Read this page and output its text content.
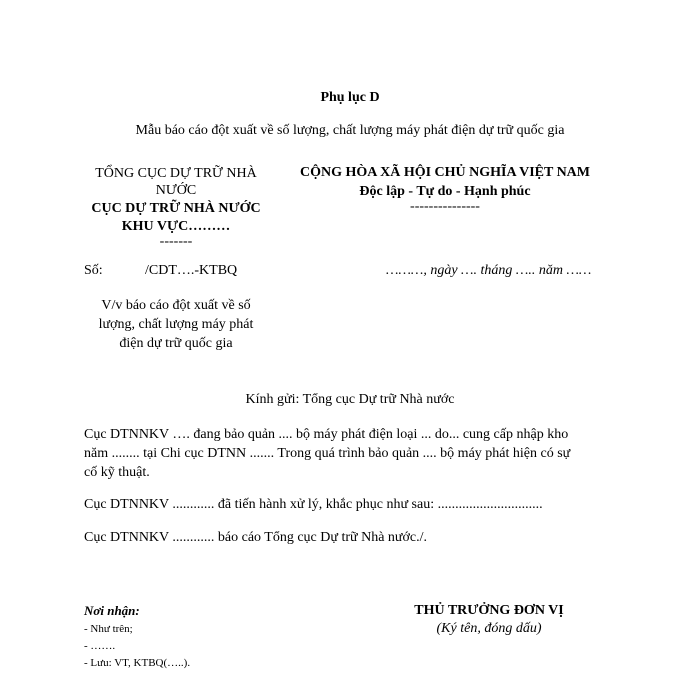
Phụ lục D
Mẫu báo cáo đột xuất về số lượng, chất lượng máy phát điện dự trữ quốc gia
TỔNG CỤC DỰ TRỮ NHÀ
NƯỚC
CỤC DỰ TRỮ NHÀ NƯỚC
KHU VỰC………
-------
Số:	/CDT….-KTBQ
V/v báo cáo đột xuất về số
lượng, chất lượng máy phát
điện dự trữ quốc gia
CỘNG HÒA XÃ HỘI CHỦ NGHĨA VIỆT NAM
Độc lập - Tự do - Hạnh phúc
---------------
………, ngày …. tháng ….. năm ……
Kính gửi: Tổng cục Dự trữ Nhà nước
Cục DTNNKV …. đang bảo quản .... bộ máy phát điện loại ... do... cung cấp nhập kho
năm ........ tại Chi cục DTNN ....... Trong quá trình bảo quản .... bộ máy phát hiện có sự
cố kỹ thuật.
Cục DTNNKV ............ đã tiến hành xử lý, khắc phục như sau: ..............................
Cục DTNNKV ............ báo cáo Tổng cục Dự trữ Nhà nước./.
Nơi nhận:
- Như trên;
- …….
- Lưu: VT, KTBQ(…..).
THỦ TRƯỞNG ĐƠN VỊ
(Ký tên, đóng dấu)
